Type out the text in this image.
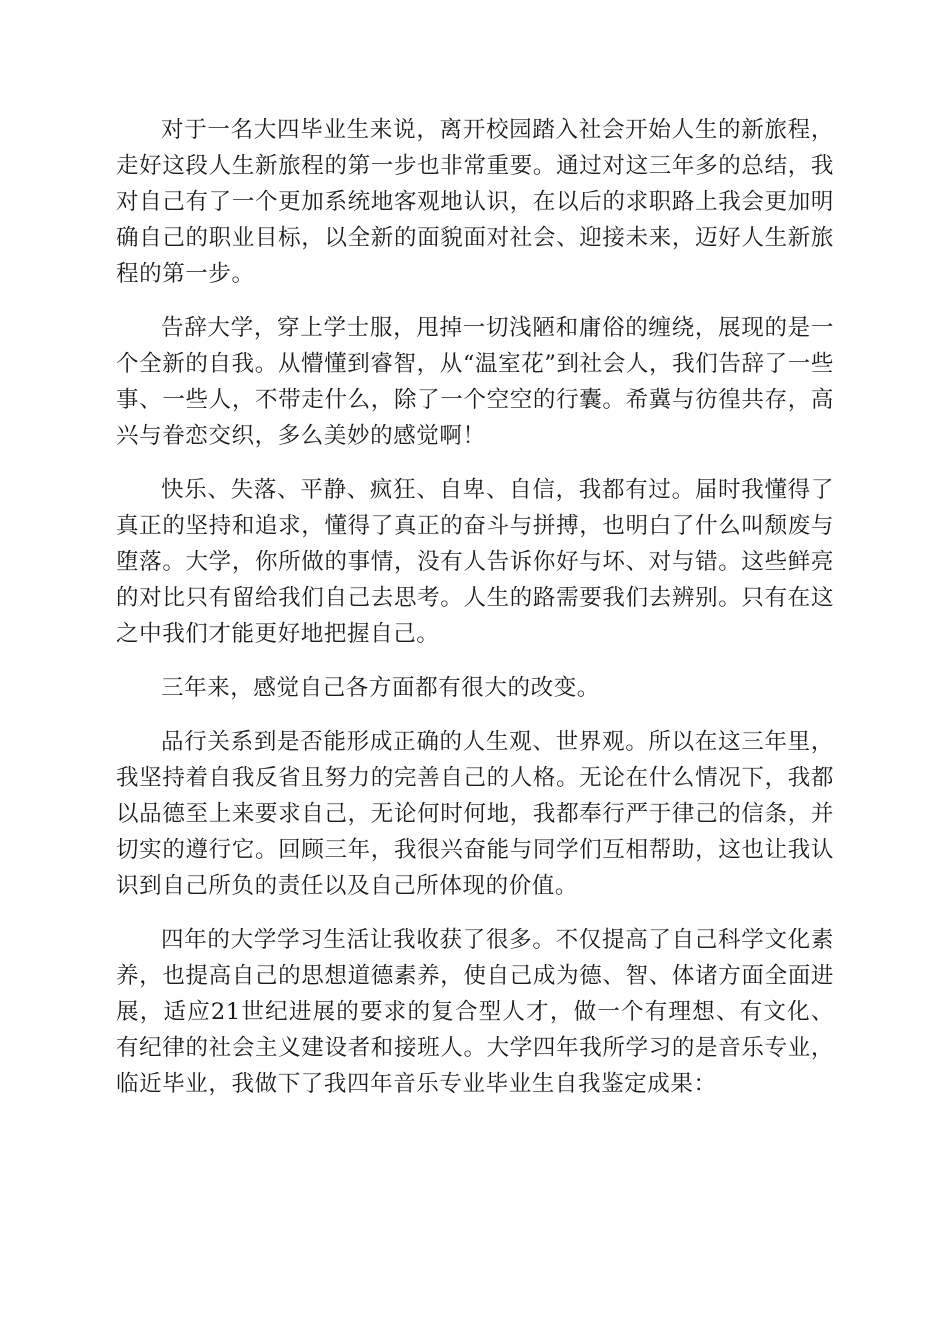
对于一名大四毕业生来说，离开校园踏入社会开始人生的新旅程，走好这段人生新旅程的第一步也非常重要。通过对这三年多的总结，我对自己有了一个更加系统地客观地认识，在以后的求职路上我会更加明确自己的职业目标，以全新的面貌面对社会、迎接未来，迈好人生新旅程的第一步。

告辞大学，穿上学士服，甩掉一切浅陋和庸俗的缠绕，展现的是一个全新的自我。从懵懂到睿智，从“温室花”到社会人，我们告辞了一些事、一些人，不带走什么，除了一个空空的行囊。希冀与彷徨共存，高兴与眷恋交织，多么美妙的感觉啊！

快乐、失落、平静、疯狂、自卑、自信，我都有过。届时我懂得了真正的坚持和追求，懂得了真正的奋斗与拼搏，也明白了什么叫颓废与堕落。大学，你所做的事情，没有人告诉你好与坏、对与错。这些鲜亮的对比只有留给我们自己去思考。人生的路需要我们去辨别。只有在这之中我们才能更好地把握自己。

三年来，感觉自己各方面都有很大的改变。

品行关系到是否能形成正确的人生观、世界观。所以在这三年里，我坚持着自我反省且努力的完善自己的人格。无论在什么情况下，我都以品德至上来要求自己，无论何时何地，我都奉行严于律己的信条，并切实的遵行它。回顾三年，我很兴奋能与同学们互相帮助，这也让我认识到自己所负的责任以及自己所体现的价值。

四年的大学学习生活让我收获了很多。不仅提高了自己科学文化素养，也提高自己的思想道德素养，使自己成为德、智、体诸方面全面进展，适应21世纪进展的要求的复合型人才，做一个有理想、有文化、有纪律的社会主义建设者和接班人。大学四年我所学习的是音乐专业，临近毕业，我做下了我四年音乐专业毕业生自我鉴定成果：
